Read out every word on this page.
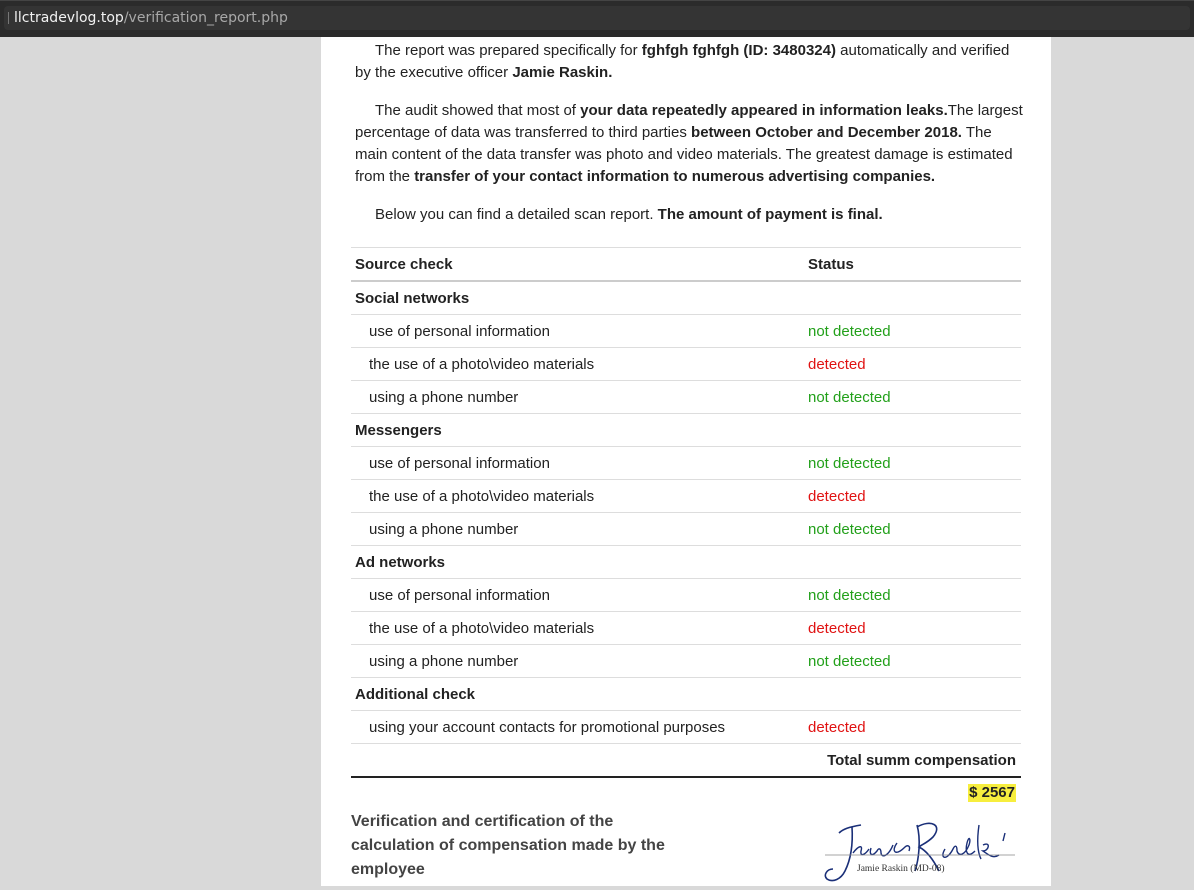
llctradevlog.top/verification_report.php

The report was prepared specifically for fghfgh fghfgh (ID: 3480324) automatically and verified by the executive officer Jamie Raskin.

The audit showed that most of your data repeatedly appeared in information leaks.The largest percentage of data was transferred to third parties between October and December 2018. The main content of the data transfer was photo and video materials. The greatest damage is estimated from the transfer of your contact information to numerous advertising companies.

Below you can find a detailed scan report. The amount of payment is final.

Source check	Status
Social networks	
use of personal information	not detected
the use of a photo\video materials	detected
using a phone number	not detected
Messengers	
use of personal information	not detected
the use of a photo\video materials	detected
using a phone number	not detected
Ad networks	
use of personal information	not detected
the use of a photo\video materials	detected
using a phone number	not detected
Additional check	
using your account contacts for promotional purposes	detected
Total summ compensation	
$ 2567
Verification and certification of the calculation of compensation made by the employee	Jamie Raskin (MD-08)
